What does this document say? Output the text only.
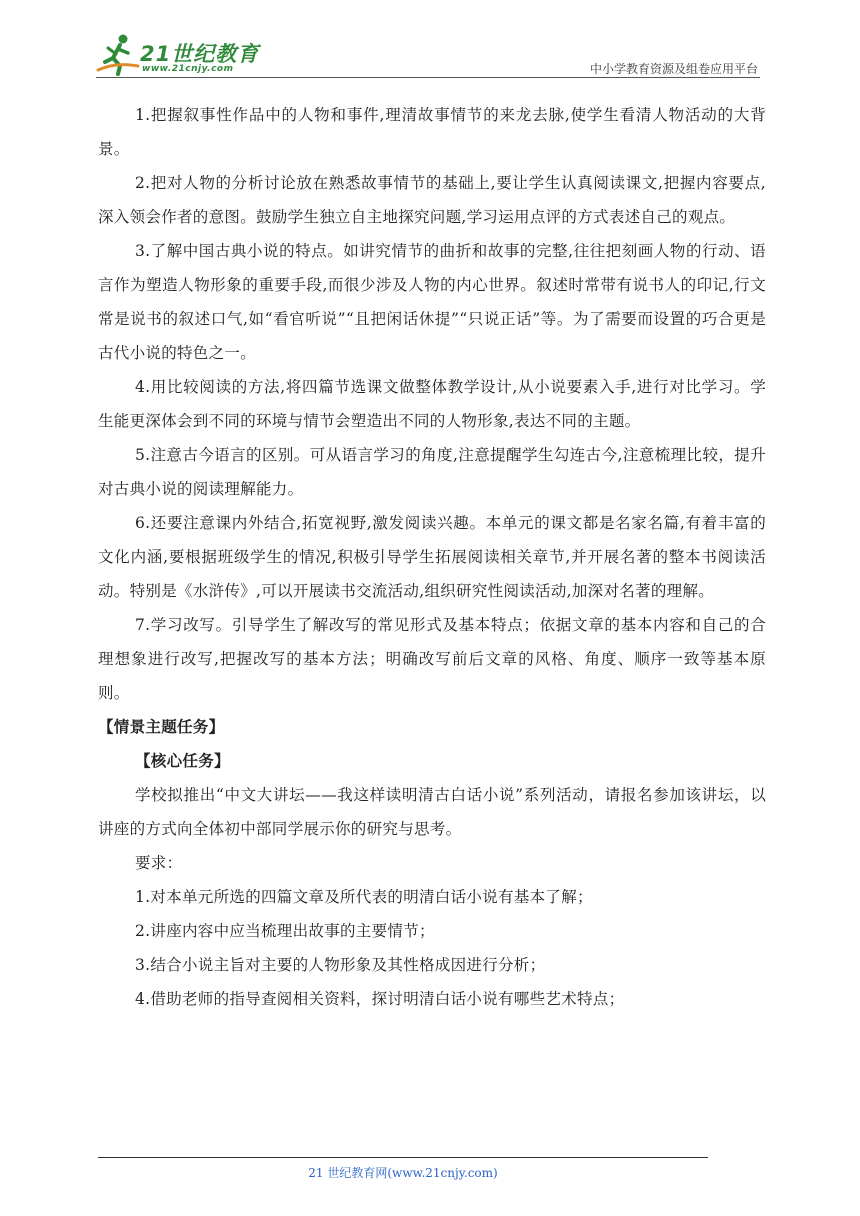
21世纪教育
www.21cnjy.com	中小学教育资源及组卷应用平台

1.把握叙事性作品中的人物和事件,理清故事情节的来龙去脉,使学生看清人物活动的大背景。

2.把对人物的分析讨论放在熟悉故事情节的基础上,要让学生认真阅读课文,把握内容要点,深入领会作者的意图。鼓励学生独立自主地探究问题,学习运用点评的方式表述自己的观点。

3.了解中国古典小说的特点。如讲究情节的曲折和故事的完整,往往把刻画人物的行动、语言作为塑造人物形象的重要手段,而很少涉及人物的内心世界。叙述时常带有说书人的印记,行文常是说书的叙述口气,如“看官听说”“且把闲话休提”“只说正话”等。为了需要而设置的巧合更是古代小说的特色之一。

4.用比较阅读的方法,将四篇节选课文做整体教学设计,从小说要素入手,进行对比学习。学生能更深体会到不同的环境与情节会塑造出不同的人物形象,表达不同的主题。

5.注意古今语言的区别。可从语言学习的角度,注意提醒学生勾连古今,注意梳理比较，提升对古典小说的阅读理解能力。

6.还要注意课内外结合,拓宽视野,激发阅读兴趣。本单元的课文都是名家名篇,有着丰富的文化内涵,要根据班级学生的情况,积极引导学生拓展阅读相关章节,并开展名著的整本书阅读活动。特别是《水浒传》,可以开展读书交流活动,组织研究性阅读活动,加深对名著的理解。

7.学习改写。引导学生了解改写的常见形式及基本特点；依据文章的基本内容和自己的合理想象进行改写,把握改写的基本方法；明确改写前后文章的风格、角度、顺序一致等基本原则。

【情景主题任务】

【核心任务】

学校拟推出“中文大讲坛——我这样读明清古白话小说”系列活动，请报名参加该讲坛，以讲座的方式向全体初中部同学展示你的研究与思考。

要求：

1.对本单元所选的四篇文章及所代表的明清白话小说有基本了解；

2.讲座内容中应当梳理出故事的主要情节；

3.结合小说主旨对主要的人物形象及其性格成因进行分析；

4.借助老师的指导查阅相关资料，探讨明清白话小说有哪些艺术特点；

21 世纪教育网(www.21cnjy.com)
